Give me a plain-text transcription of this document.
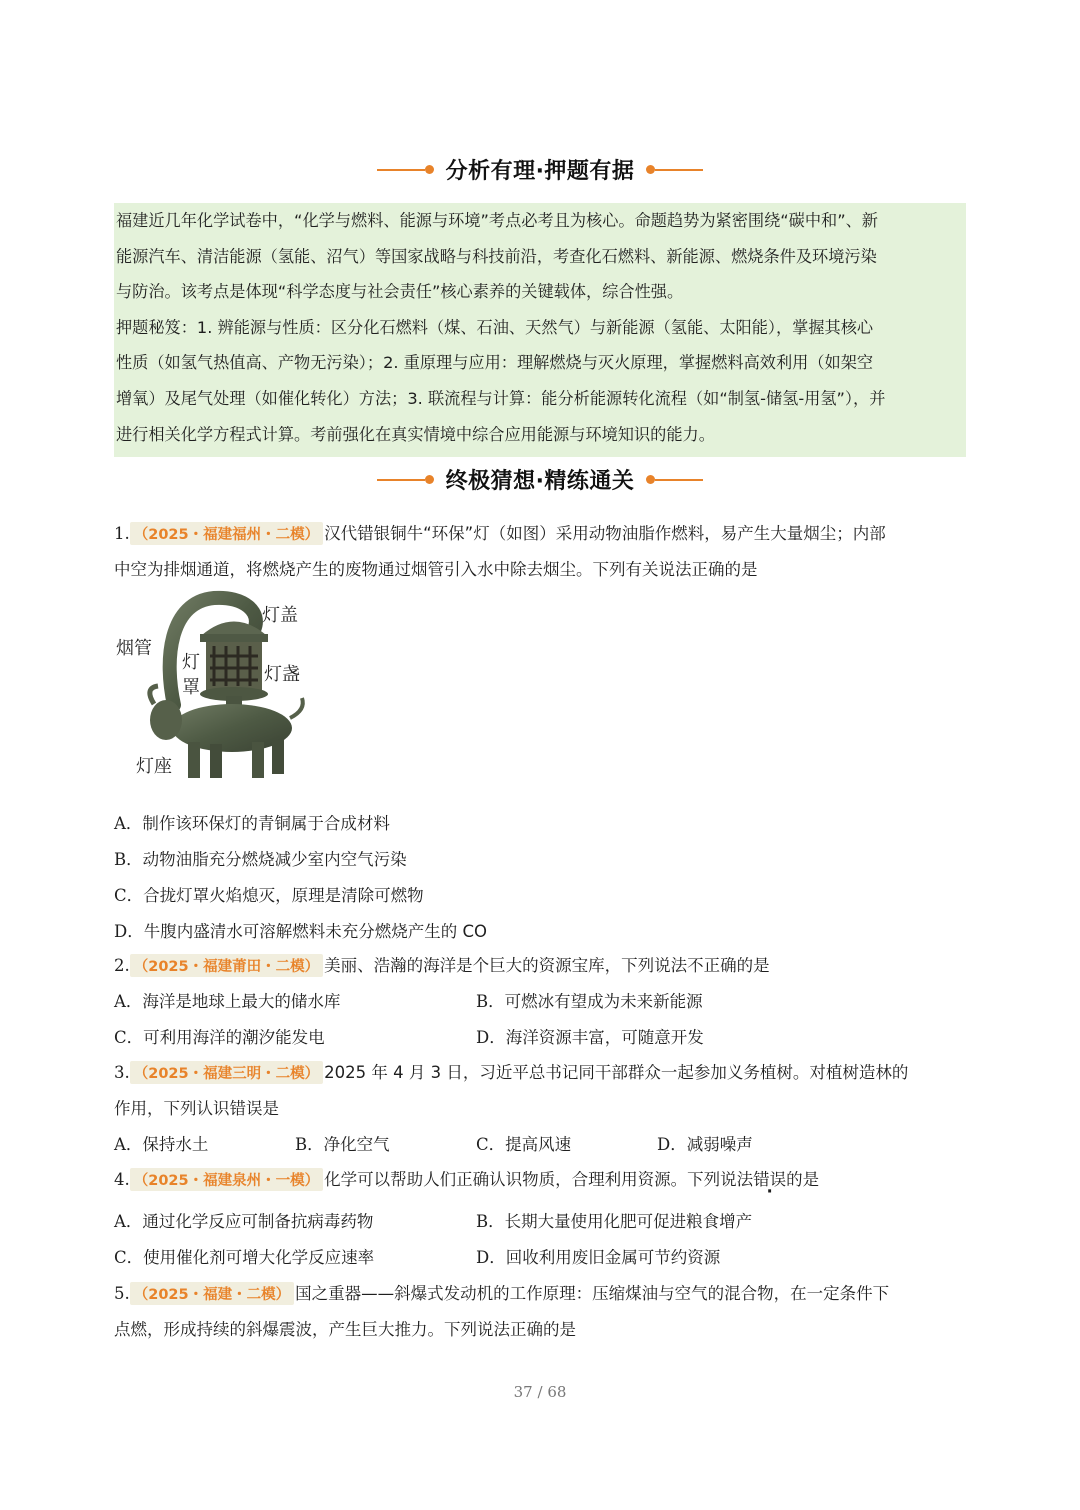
分析有理·押题有据

福建近几年化学试卷中，“化学与燃料、能源与环境”考点必考且为核心。命题趋势为紧密围绕“碳中和”、新

能源汽车、清洁能源（氢能、沼气）等国家战略与科技前沿，考查化石燃料、新能源、燃烧条件及环境污染

与防治。该考点是体现“科学态度与社会责任”核心素养的关键载体，综合性强。

押题秘笈：1. 辨能源与性质：区分化石燃料（煤、石油、天然气）与新能源（氢能、太阳能），掌握其核心

性质（如氢气热值高、产物无污染）；2. 重原理与应用：理解燃烧与灭火原理，掌握燃料高效利用（如架空

增氧）及尾气处理（如催化转化）方法；3. 联流程与计算：能分析能源转化流程（如“制氢-储氢-用氢”），并

进行相关化学方程式计算。考前强化在真实情境中综合应用能源与环境知识的能力。

终极猜想·精练通关
1. （2025・福建福州・二模） 汉代错银铜牛“环保”灯（如图）采用动物油脂作燃料，易产生大量烟尘；内部
中空为排烟通道，将燃烧产生的废物通过烟管引入水中除去烟尘。下列有关说法正确的是
烟管
灯
罩
灯盖
灯盏
灯座
A．制作该环保灯的青铜属于合成材料
B．动物油脂充分燃烧减少室内空气污染
C．合拢灯罩火焰熄灭，原理是清除可燃物
D．牛腹内盛清水可溶解燃料未充分燃烧产生的 CO
2. （2025・福建莆田・二模） 美丽、浩瀚的海洋是个巨大的资源宝库，下列说法不正确的是
A．海洋是地球上最大的储水库	B．可燃冰有望成为未来新能源
C．可利用海洋的潮汐能发电	D．海洋资源丰富，可随意开发
3. （2025・福建三明・二模） 2025 年 4 月 3 日，习近平总书记同干部群众一起参加义务植树。对植树造林的
作用，下列认识错误是
A．保持水土	B．净化空气	C．提高风速	D．减弱噪声
4. （2025・福建泉州・一模） 化学可以帮助人们正确认识物质，合理利用资源。下列说法错误的是
A．通过化学反应可制备抗病毒药物	B．长期大量使用化肥可促进粮食增产
C．使用催化剂可增大化学反应速率	D．回收利用废旧金属可节约资源
5. （2025・福建・二模） 国之重器——斜爆式发动机的工作原理：压缩煤油与空气的混合物，在一定条件下
点燃，形成持续的斜爆震波，产生巨大推力。下列说法正确的是
37 / 68
